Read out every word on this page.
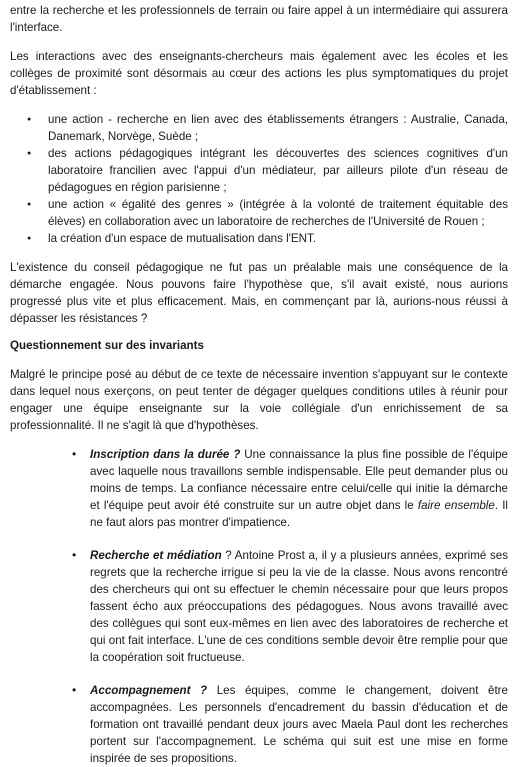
entre la recherche et les professionnels de terrain ou faire appel à un intermédiaire qui assurera l'interface.

Les interactions avec des enseignants-chercheurs mais également avec les écoles et les collèges de proximité sont désormais au cœur des actions les plus symptomatiques du projet d'établissement :

● une action - recherche en lien avec des établissements étrangers : Australie, Canada, Danemark, Norvège, Suède ;
● des actions pédagogiques intégrant les découvertes des sciences cognitives d'un laboratoire francilien avec l'appui d'un médiateur, par ailleurs pilote d'un réseau de pédagogues en région parisienne ;
● une action « égalité des genres » (intégrée à la volonté de traitement équitable des élèves) en collaboration avec un laboratoire de recherches de l'Université de Rouen ;
● la création d'un espace de mutualisation dans l'ENT.

L'existence du conseil pédagogique ne fut pas un préalable mais une conséquence de la démarche engagée. Nous pouvons faire l'hypothèse que, s'il avait existé, nous aurions progressé plus vite et plus efficacement. Mais, en commençant par là, aurions-nous réussi à dépasser les résistances ?

Questionnement sur des invariants

Malgré le principe posé au début de ce texte de nécessaire invention s'appuyant sur le contexte dans lequel nous exerçons, on peut tenter de dégager quelques conditions utiles à réunir pour engager une équipe enseignante sur la voie collégiale d'un enrichissement de sa professionnalité. Il ne s'agit là que d'hypothèses.

• Inscription dans la durée ? Une connaissance la plus fine possible de l'équipe avec laquelle nous travaillons semble indispensable. Elle peut demander plus ou moins de temps. La confiance nécessaire entre celui/celle qui initie la démarche et l'équipe peut avoir été construite sur un autre objet dans le faire ensemble. Il ne faut alors pas montrer d'impatience.
• Recherche et médiation ? Antoine Prost a, il y a plusieurs années, exprimé ses regrets que la recherche irrigue si peu la vie de la classe. Nous avons rencontré des chercheurs qui ont su effectuer le chemin nécessaire pour que leurs propos fassent écho aux préoccupations des pédagogues. Nous avons travaillé avec des collègues qui sont eux-mêmes en lien avec des laboratoires de recherche et qui ont fait interface. L'une de ces conditions semble devoir être remplie pour que la coopération soit fructueuse.
• Accompagnement ? Les équipes, comme le changement, doivent être accompagnées. Les personnels d'encadrement du bassin d'éducation et de formation ont travaillé pendant deux jours avec Maela Paul dont les recherches portent sur l'accompagnement. Le schéma qui suit est une mise en forme inspirée de ses propositions.
